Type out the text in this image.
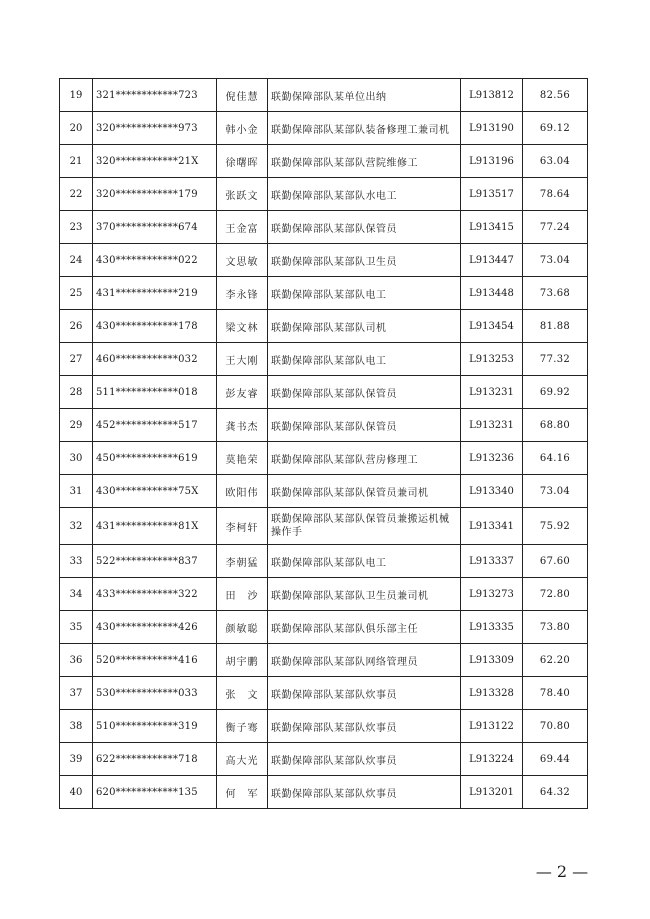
19	321************723	倪佳慧	联勤保障部队某单位出纳	L913812	82.56
20	320************973	韩小金	联勤保障部队某部队装备修理工兼司机	L913190	69.12
21	320************21X	徐曙晖	联勤保障部队某部队营院维修工	L913196	63.04
22	320************179	张跃文	联勤保障部队某部队水电工	L913517	78.64
23	370************674	王金富	联勤保障部队某部队保管员	L913415	77.24
24	430************022	文思敏	联勤保障部队某部队卫生员	L913447	73.04
25	431************219	李永锋	联勤保障部队某部队电工	L913448	73.68
26	430************178	梁文林	联勤保障部队某部队司机	L913454	81.88
27	460************032	王大刚	联勤保障部队某部队电工	L913253	77.32
28	511************018	彭友睿	联勤保障部队某部队保管员	L913231	69.92
29	452************517	龚书杰	联勤保障部队某部队保管员	L913231	68.80
30	450************619	莫艳荣	联勤保障部队某部队营房修理工	L913236	64.16
31	430************75X	欧阳伟	联勤保障部队某部队保管员兼司机	L913340	73.04
32	431************81X	李柯轩	联勤保障部队某部队保管员兼搬运机械操作手	L913341	75.92
33	522************837	李朝猛	联勤保障部队某部队电工	L913337	67.60
34	433************322	田　沙	联勤保障部队某部队卫生员兼司机	L913273	72.80
35	430************426	颜敏聪	联勤保障部队某部队俱乐部主任	L913335	73.80
36	520************416	胡宇鹏	联勤保障部队某部队网络管理员	L913309	62.20
37	530************033	张　文	联勤保障部队某部队炊事员	L913328	78.40
38	510************319	衡子骞	联勤保障部队某部队炊事员	L913122	70.80
39	622************718	高大光	联勤保障部队某部队炊事员	L913224	69.44
40	620************135	何　军	联勤保障部队某部队炊事员	L913201	64.32
— 2 —
